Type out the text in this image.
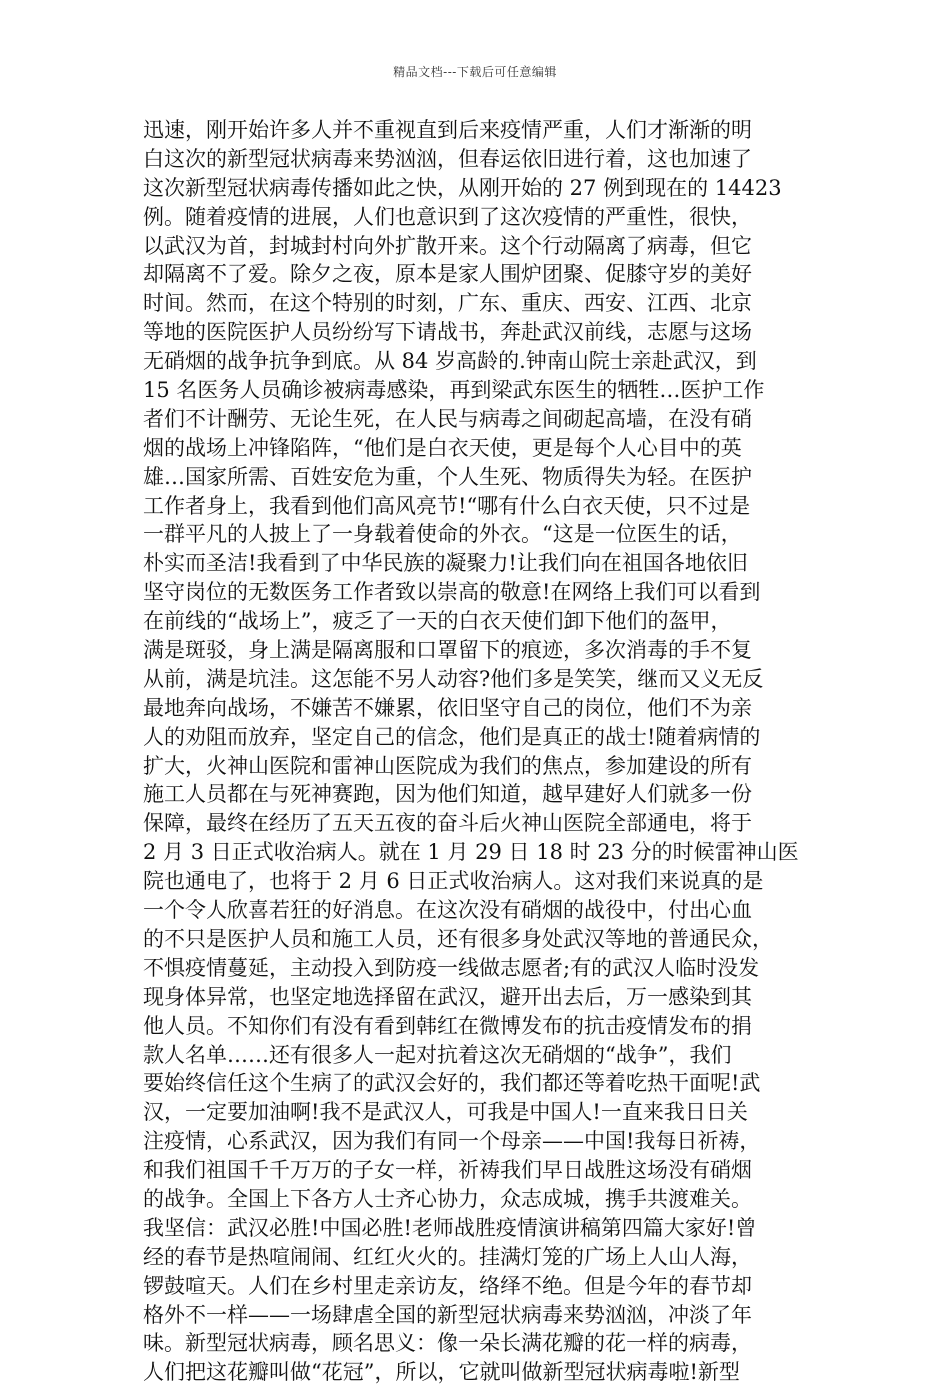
精品文档---下载后可任意编辑
迅速，刚开始许多人并不重视直到后来疫情严重，人们才渐渐的明
白这次的新型冠状病毒来势汹汹，但春运依旧进行着，这也加速了
这次新型冠状病毒传播如此之快，从刚开始的 27 例到现在的 14423
例。随着疫情的进展，人们也意识到了这次疫情的严重性，很快，
以武汉为首，封城封村向外扩散开来。这个行动隔离了病毒，但它
却隔离不了爱。除夕之夜，原本是家人围炉团聚、促膝守岁的美好
时间。然而，在这个特别的时刻，广东、重庆、西安、江西、北京
等地的医院医护人员纷纷写下请战书，奔赴武汉前线，志愿与这场
无硝烟的战争抗争到底。从 84 岁高龄的.钟南山院士亲赴武汉，到
15 名医务人员确诊被病毒感染，再到梁武东医生的牺牲…医护工作
者们不计酬劳、无论生死，在人民与病毒之间砌起高墙，在没有硝
烟的战场上冲锋陷阵，“他们是白衣天使，更是每个人心目中的英
雄…国家所需、百姓安危为重，个人生死、物质得失为轻。在医护
工作者身上，我看到他们高风亮节!“哪有什么白衣天使，只不过是
一群平凡的人披上了一身载着使命的外衣。“这是一位医生的话，
朴实而圣洁!我看到了中华民族的凝聚力!让我们向在祖国各地依旧
坚守岗位的无数医务工作者致以崇高的敬意!在网络上我们可以看到
在前线的“战场上”，疲乏了一天的白衣天使们卸下他们的盔甲，
满是斑驳，身上满是隔离服和口罩留下的痕迹，多次消毒的手不复
从前，满是坑洼。这怎能不另人动容?他们多是笑笑，继而又义无反
最地奔向战场，不嫌苦不嫌累，依旧坚守自己的岗位，他们不为亲
人的劝阻而放弃，坚定自己的信念，他们是真正的战士!随着病情的
扩大，火神山医院和雷神山医院成为我们的焦点，参加建设的所有
施工人员都在与死神赛跑，因为他们知道，越早建好人们就多一份
保障，最终在经历了五天五夜的奋斗后火神山医院全部通电，将于
2 月 3 日正式收治病人。就在 1 月 29 日 18 时 23 分的时候雷神山医
院也通电了，也将于 2 月 6 日正式收治病人。这对我们来说真的是
一个令人欣喜若狂的好消息。在这次没有硝烟的战役中，付出心血
的不只是医护人员和施工人员，还有很多身处武汉等地的普通民众，
不惧疫情蔓延，主动投入到防疫一线做志愿者;有的武汉人临时没发
现身体异常，也坚定地选择留在武汉，避开出去后，万一感染到其
他人员。不知你们有没有看到韩红在微博发布的抗击疫情发布的捐
款人名单……还有很多人一起对抗着这次无硝烟的“战争”，我们
要始终信任这个生病了的武汉会好的，我们都还等着吃热干面呢!武
汉，一定要加油啊!我不是武汉人，可我是中国人!一直来我日日关
注疫情，心系武汉，因为我们有同一个母亲——中国!我每日祈祷，
和我们祖国千千万万的子女一样，祈祷我们早日战胜这场没有硝烟
的战争。全国上下各方人士齐心协力，众志成城，携手共渡难关。
我坚信：武汉必胜!中国必胜!老师战胜疫情演讲稿第四篇大家好!曾
经的春节是热喧闹闹、红红火火的。挂满灯笼的广场上人山人海，
锣鼓喧天。人们在乡村里走亲访友，络绎不绝。但是今年的春节却
格外不一样——一场肆虐全国的新型冠状病毒来势汹汹，冲淡了年
味。新型冠状病毒，顾名思义：像一朵长满花瓣的花一样的病毒，
人们把这花瓣叫做“花冠”，所以，它就叫做新型冠状病毒啦!新型
